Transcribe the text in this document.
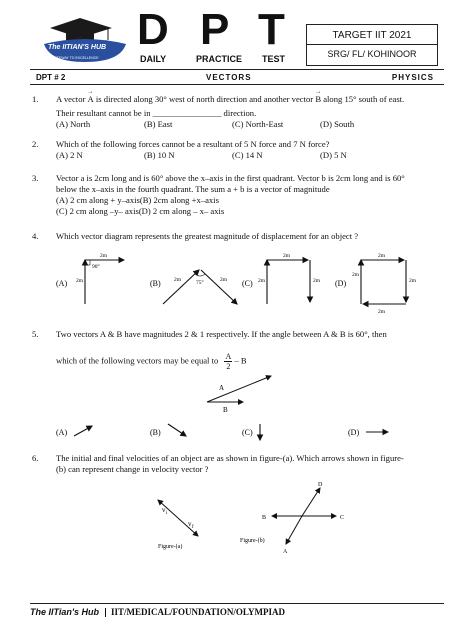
The IITIAN'S HUB
GATEWAY TO EXCELLENCE
D P T
DAILY	PRACTICE TEST
TARGET IIT 2021
SRG/ FL/ KOHINOOR
DPT # 2	VECTORS	PHYSICS
1. A vector → A is directed along 30° west of north direction and another vector → B along 15° south of east.
Their resultant cannot be in ________________ direction.
(A) North	(B) East	(C) North-East	(D) South
2. Which of the following forces cannot be a resultant of 5 N force and 7 N force?
(A) 2 N	(B) 10 N	(C) 14 N	(D) 5 N
3. Vector a is 2cm long and is 60° above the x–axis in the first quadrant. Vector b is 2cm long and is 60°
below the x–axis in the fourth quadrant. The sum a + b is a vector of magnitude
(A) 2 cm along + y–axis(B) 2cm along +x–axis
(C) 2 cm along –y– axis(D) 2 cm along – x– axis
4. Which vector diagram represents the greatest magnitude of displacement for an object ?
(A)
90°
2m
2m
(B)	75°
2m	2m (C) 2m
2m
2m (D)
2m
2m
2m
2m
5. Two vectors A & B have magnitudes 2 & 1 respectively. If the angle between A & B is 60°, then
which of the following vectors may be equal to $\frac{A}{2}$ – B
A
B
(A)	(B)	(C)	(D)
6. The initial and final velocities of an object are as shown in figure-(a). Which arrows shown in figure-
(b) can represent change in velocity vector ?
v i
v f
Figure-(a)
D
B	C
A
Figure-(b)
The IITian's Hub IIT/MEDICAL/FOUNDATION/OLYMPIAD
